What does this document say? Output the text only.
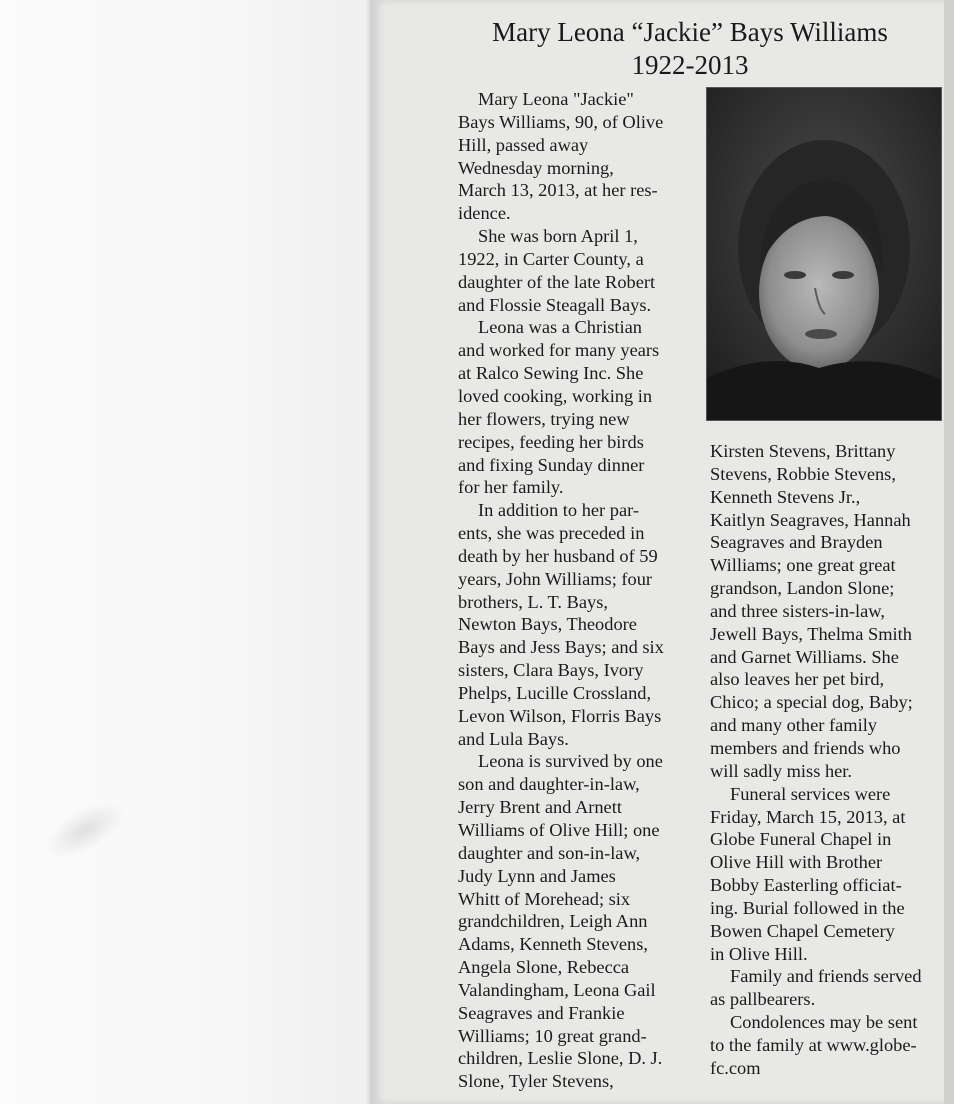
Mary Leona “Jackie” Bays Williams
1922-2013
Mary Leona "Jackie"
Bays Williams, 90, of Olive
Hill, passed away
Wednesday morning,
March 13, 2013, at her res-
idence.
She was born April 1,
1922, in Carter County, a
daughter of the late Robert
and Flossie Steagall Bays.
Leona was a Christian
and worked for many years
at Ralco Sewing Inc. She
loved cooking, working in
her flowers, trying new
recipes, feeding her birds
and fixing Sunday dinner
for her family.
In addition to her par-
ents, she was preceded in
death by her husband of 59
years, John Williams; four
brothers, L. T. Bays,
Newton Bays, Theodore
Bays and Jess Bays; and six
sisters, Clara Bays, Ivory
Phelps, Lucille Crossland,
Levon Wilson, Florris Bays
and Lula Bays.
Leona is survived by one
son and daughter-in-law,
Jerry Brent and Arnett
Williams of Olive Hill; one
daughter and son-in-law,
Judy Lynn and James
Whitt of Morehead; six
grandchildren, Leigh Ann
Adams, Kenneth Stevens,
Angela Slone, Rebecca
Valandingham, Leona Gail
Seagraves and Frankie
Williams; 10 great grand-
children, Leslie Slone, D. J.
Slone, Tyler Stevens,
Kirsten Stevens, Brittany
Stevens, Robbie Stevens,
Kenneth Stevens Jr.,
Kaitlyn Seagraves, Hannah
Seagraves and Brayden
Williams; one great great
grandson, Landon Slone;
and three sisters-in-law,
Jewell Bays, Thelma Smith
and Garnet Williams. She
also leaves her pet bird,
Chico; a special dog, Baby;
and many other family
members and friends who
will sadly miss her.
Funeral services were
Friday, March 15, 2013, at
Globe Funeral Chapel in
Olive Hill with Brother
Bobby Easterling officiat-
ing. Burial followed in the
Bowen Chapel Cemetery
in Olive Hill.
Family and friends served
as pallbearers.
Condolences may be sent
to the family at www.globe-
fc.com
